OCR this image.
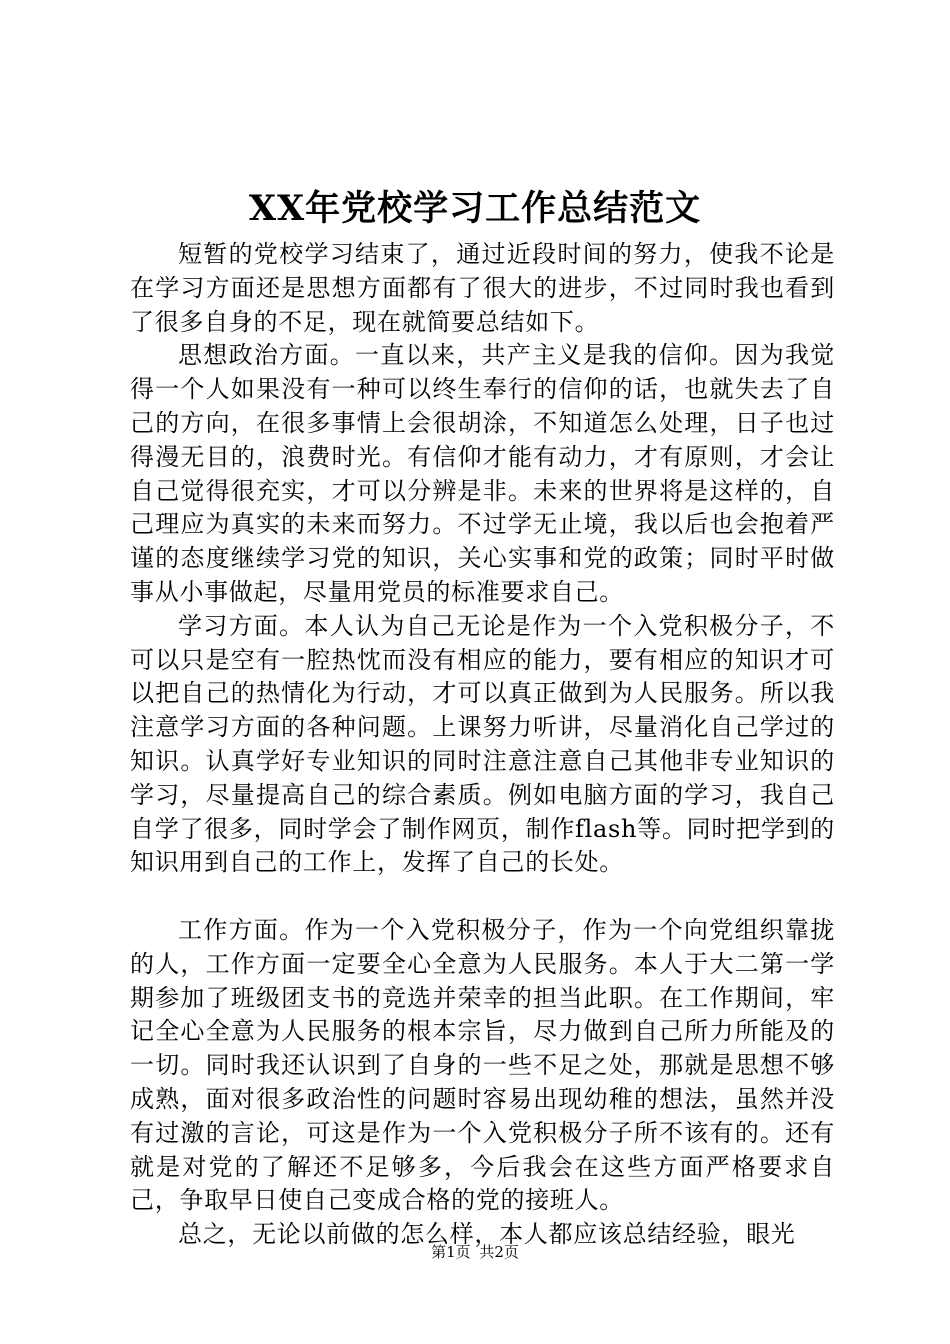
XX年党校学习工作总结范文

短暂的党校学习结束了，通过近段时间的努力，使我不论是在学习方面还是思想方面都有了很大的进步，不过同时我也看到了很多自身的不足，现在就简要总结如下。

思想政治方面。一直以来，共产主义是我的信仰。因为我觉得一个人如果没有一种可以终生奉行的信仰的话，也就失去了自己的方向，在很多事情上会很胡涂，不知道怎么处理，日子也过得漫无目的，浪费时光。有信仰才能有动力，才有原则，才会让自己觉得很充实，才可以分辨是非。未来的世界将是这样的，自己理应为真实的未来而努力。不过学无止境，我以后也会抱着严谨的态度继续学习党的知识，关心实事和党的政策；同时平时做事从小事做起，尽量用党员的标准要求自己。

学习方面。本人认为自己无论是作为一个入党积极分子，不可以只是空有一腔热忱而没有相应的能力，要有相应的知识才可以把自己的热情化为行动，才可以真正做到为人民服务。所以我注意学习方面的各种问题。上课努力听讲，尽量消化自己学过的知识。认真学好专业知识的同时注意注意自己其他非专业知识的学习，尽量提高自己的综合素质。例如电脑方面的学习，我自己自学了很多，同时学会了制作网页，制作flash等。同时把学到的知识用到自己的工作上，发挥了自己的长处。

工作方面。作为一个入党积极分子，作为一个向党组织靠拢的人，工作方面一定要全心全意为人民服务。本人于大二第一学期参加了班级团支书的竞选并荣幸的担当此职。在工作期间，牢记全心全意为人民服务的根本宗旨，尽力做到自己所力所能及的一切。同时我还认识到了自身的一些不足之处，那就是思想不够成熟，面对很多政治性的问题时容易出现幼稚的想法，虽然并没有过激的言论，可这是作为一个入党积极分子所不该有的。还有就是对党的了解还不足够多，今后我会在这些方面严格要求自己，争取早日使自己变成合格的党的接班人。

总之，无论以前做的怎么样，本人都应该总结经验，眼光

第1页 共2页
